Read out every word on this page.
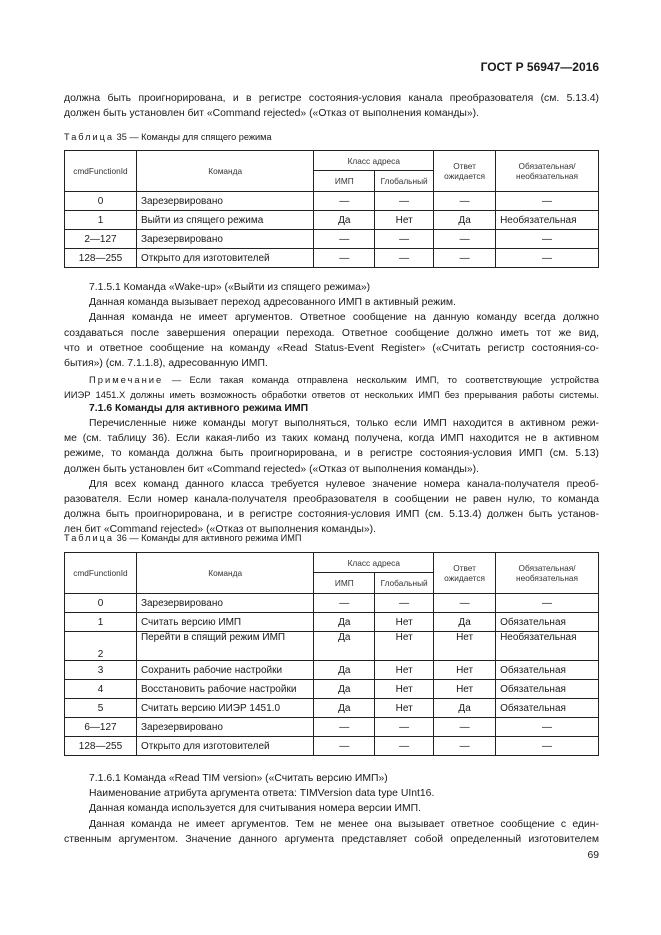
ГОСТ Р 56947—2016
должна быть проигнорирована, и в регистре состояния-условия канала преобразователя (см. 5.13.4)
должен быть установлен бит «Command rejected» («Отказ от выполнения команды»).
Таблица 35 — Команды для спящего режима
cmdFunctionId	Команда	Класс адреса		Ответ ожидается	Обязательная/ необязательная
		ИМП	Глобальный		
0	Зарезервировано	—	—	—	—
1	Выйти из спящего режима	Да	Нет	Да	Необязательная
2—127	Зарезервировано	—	—	—	—
128—255	Открыто для изготовителей	—	—	—	—
7.1.5.1 Команда «Wake-up» («Выйти из спящего режима»)
Данная команда вызывает переход адресованного ИМП в активный режим.
Данная команда не имеет аргументов. Ответное сообщение на данную команду всегда должно
создаваться после завершения операции перехода. Ответное сообщение должно иметь тот же вид,
что и ответное сообщение на команду «Read Status-Event Register» («Считать регистр состояния-со-
бытия») (см. 7.1.1.8), адресованную ИМП.
Примечание — Если такая команда отправлена нескольким ИМП, то соответствующие устройства
ИИЭР 1451.X должны иметь возможность обработки ответов от нескольких ИМП без прерывания работы системы.
7.1.6 Команды для активного режима ИМП
Перечисленные ниже команды могут выполняться, только если ИМП находится в активном режи-
ме (см. таблицу 36). Если какая-либо из таких команд получена, когда ИМП находится не в активном
режиме, то команда должна быть проигнорирована, и в регистре состояния-условия ИМП (см. 5.13)
должен быть установлен бит «Command rejected» («Отказ от выполнения команды»).
Для всех команд данного класса требуется нулевое значение номера канала-получателя преоб-
разователя. Если номер канала-получателя преобразователя в сообщении не равен нулю, то команда
должна быть проигнорирована, и в регистре состояния-условия ИМП (см. 5.13.4) должен быть установ-
лен бит «Command rejected» («Отказ от выполнения команды»).
Таблица 36 — Команды для активного режима ИМП
cmdFunctionId	Команда	Класс адреса		Ответ ожидается	Обязательная/ необязательная
		ИМП	Глобальный		
0	Зарезервировано	—	—	—	—
1	Считать версию ИМП	Да	Нет	Да	Обязательная
2	Перейти в спящий режим ИМП	Да	Нет	Нет	Необязательная
3	Сохранить рабочие настройки	Да	Нет	Нет	Обязательная
4	Восстановить рабочие настройки	Да	Нет	Нет	Обязательная
5	Считать версию ИИЭР 1451.0	Да	Нет	Да	Обязательная
6—127	Зарезервировано	—	—	—	—
128—255	Открыто для изготовителей	—	—	—	—
7.1.6.1 Команда «Read TIM version» («Считать версию ИМП»)
Наименование атрибута аргумента ответа: TIMVersion data type UInt16.
Данная команда используется для считывания номера версии ИМП.
Данная команда не имеет аргументов. Тем не менее она вызывает ответное сообщение с един-
ственным аргументом. Значение данного аргумента представляет собой определенный изготовителем
69
